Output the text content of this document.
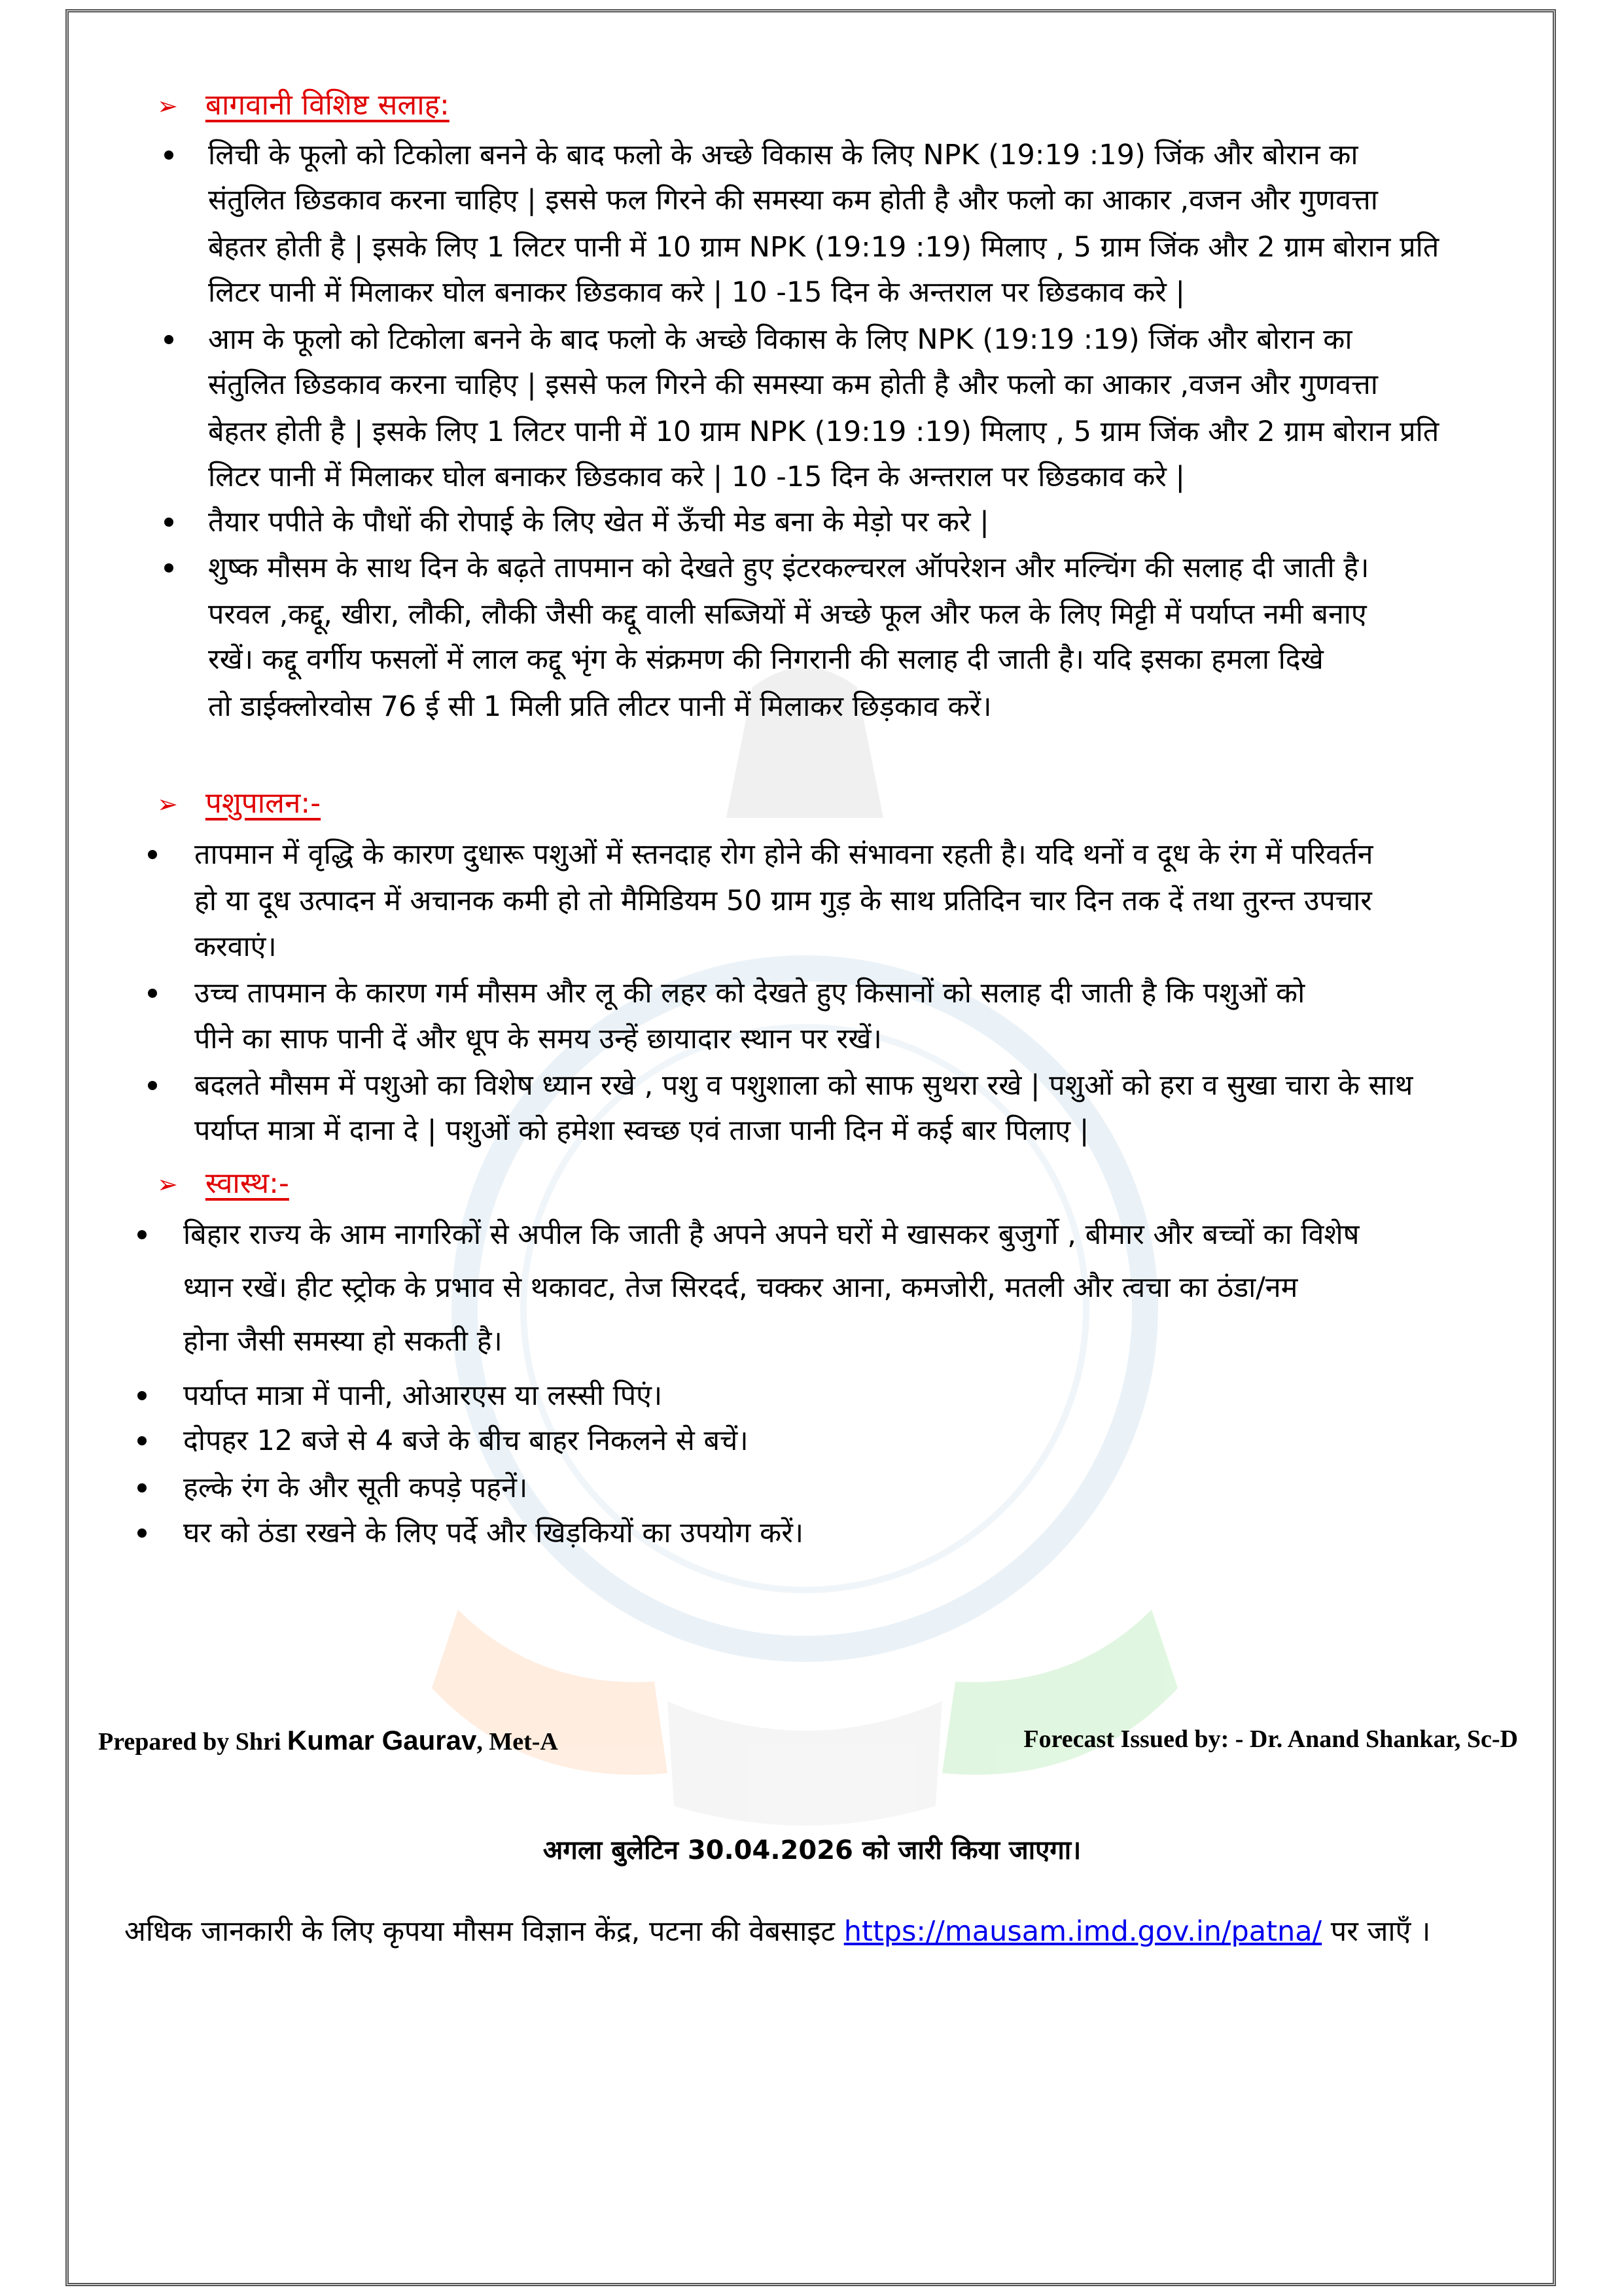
➢ बागवानी विशिष्ट सलाह:
लिची के फूलो को टिकोला बनने के बाद फलो के अच्छे विकास के लिए NPK (19:19 :19) जिंक और बोरान का
संतुलित छिडकाव करना चाहिए | इससे फल गिरने की समस्या कम होती है और फलो का आकार ,वजन और गुणवत्ता
बेहतर होती है | इसके लिए 1 लिटर पानी में 10 ग्राम NPK (19:19 :19) मिलाए , 5 ग्राम जिंक और 2 ग्राम बोरान प्रति
लिटर पानी में मिलाकर घोल बनाकर छिडकाव करे | 10 -15 दिन के अन्तराल पर छिडकाव करे |
आम के फूलो को टिकोला बनने के बाद फलो के अच्छे विकास के लिए NPK (19:19 :19) जिंक और बोरान का
संतुलित छिडकाव करना चाहिए | इससे फल गिरने की समस्या कम होती है और फलो का आकार ,वजन और गुणवत्ता
बेहतर होती है | इसके लिए 1 लिटर पानी में 10 ग्राम NPK (19:19 :19) मिलाए , 5 ग्राम जिंक और 2 ग्राम बोरान प्रति
लिटर पानी में मिलाकर घोल बनाकर छिडकाव करे | 10 -15 दिन के अन्तराल पर छिडकाव करे |
तैयार पपीते के पौधों की रोपाई के लिए खेत में ऊँची मेड बना के मेड़ो पर करे |
शुष्क मौसम के साथ दिन के बढ़ते तापमान को देखते हुए इंटरकल्चरल ऑपरेशन और मल्चिंग की सलाह दी जाती है।
परवल ,कद्दू, खीरा, लौकी, लौकी जैसी कद्दू वाली सब्जियों में अच्छे फूल और फल के लिए मिट्टी में पर्याप्त नमी बनाए
रखें। कद्दू वर्गीय फसलों में लाल कद्दू भृंग के संक्रमण की निगरानी की सलाह दी जाती है। यदि इसका हमला दिखे
तो डाईक्लोरवोस 76 ई सी 1 मिली प्रति लीटर पानी में मिलाकर छिड़काव करें।
➢ पशुपालन:-
तापमान में वृद्धि के कारण दुधारू पशुओं में स्तनदाह रोग होने की संभावना रहती है। यदि थनों व दूध के रंग में परिवर्तन
हो या दूध उत्पादन में अचानक कमी हो तो मैमिडियम 50 ग्राम गुड़ के साथ प्रतिदिन चार दिन तक दें तथा तुरन्त उपचार
करवाएं।
उच्च तापमान के कारण गर्म मौसम और लू की लहर को देखते हुए किसानों को सलाह दी जाती है कि पशुओं को
पीने का साफ पानी दें और धूप के समय उन्हें छायादार स्थान पर रखें।
बदलते मौसम में पशुओ का विशेष ध्यान रखे , पशु व पशुशाला को साफ सुथरा रखे | पशुओं को हरा व सुखा चारा के साथ
पर्याप्त मात्रा में दाना दे | पशुओं को हमेशा स्वच्छ एवं ताजा पानी दिन में कई बार पिलाए |
➢ स्वास्थ:-
बिहार राज्य के आम नागरिकों से अपील कि जाती है अपने अपने घरों मे खासकर बुजुर्गो , बीमार और बच्चों का विशेष
ध्यान रखें। हीट स्ट्रोक के प्रभाव से थकावट, तेज सिरदर्द, चक्कर आना, कमजोरी, मतली और त्वचा का ठंडा/नम
होना जैसी समस्या हो सकती है।
पर्याप्त मात्रा में पानी, ओआरएस या लस्सी पिएं।
दोपहर 12 बजे से 4 बजे के बीच बाहर निकलने से बचें।
हल्के रंग के और सूती कपड़े पहनें।
घर को ठंडा रखने के लिए पर्दे और खिड़कियों का उपयोग करें।
Prepared by Shri Kumar Gaurav, Met-A	Forecast Issued by: - Dr. Anand Shankar, Sc-D
अगला बुलेटिन 30.04.2026 को जारी किया जाएगा।
अधिक जानकारी के लिए कृपया मौसम विज्ञान केंद्र, पटना की वेबसाइट https://mausam.imd.gov.in/patna/ पर जाएँ ।
